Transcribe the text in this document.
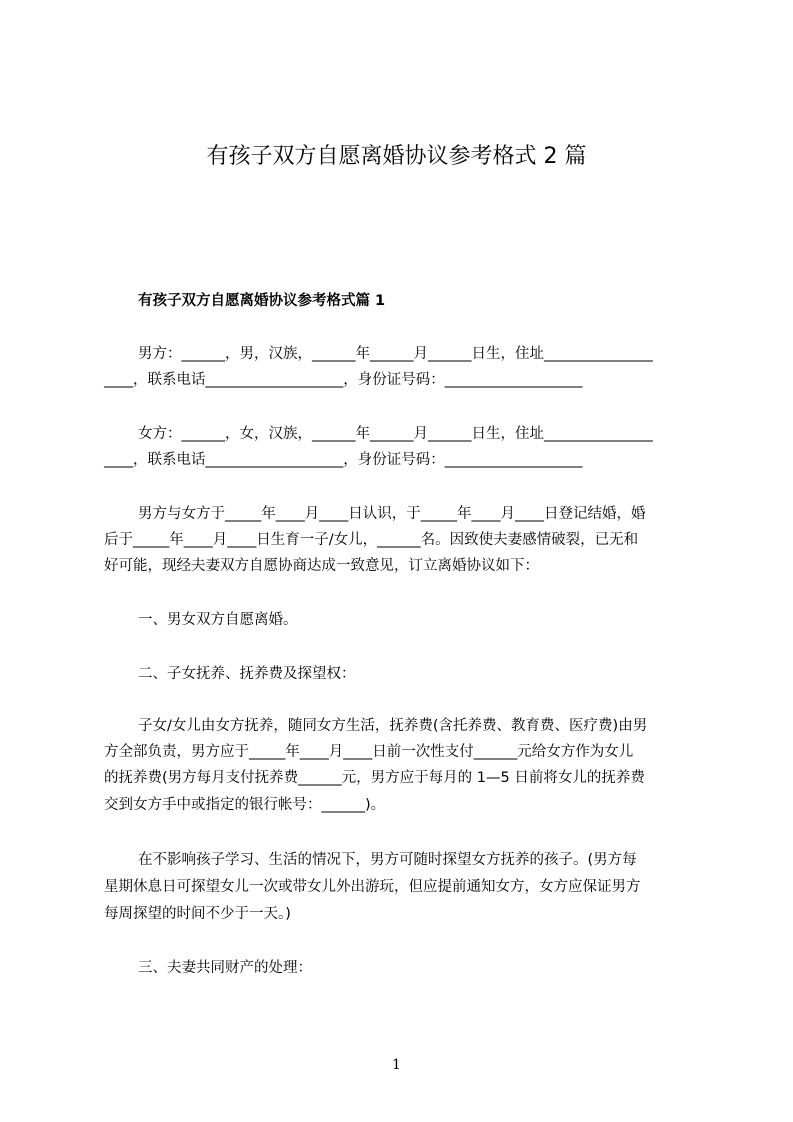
有孩子双方自愿离婚协议参考格式 2 篇
有孩子双方自愿离婚协议参考格式篇 1
男方：______，男，汉族，______年______月______日生，住址_______________
____，联系电话___________________，身份证号码：___________________
女方：______，女，汉族，______年______月______日生，住址_______________
____，联系电话___________________，身份证号码：___________________
男方与女方于_____年____月____日认识，于_____年____月____日登记结婚，婚
后于_____年____月____日生育一子/女儿，______名。因致使夫妻感情破裂，已无和
好可能，现经夫妻双方自愿协商达成一致意见，订立离婚协议如下：
一、男女双方自愿离婚。
二、子女抚养、抚养费及探望权：
子女/女儿由女方抚养，随同女方生活，抚养费(含托养费、教育费、医疗费)由男
方全部负责，男方应于_____年____月____日前一次性支付______元给女方作为女儿
的抚养费(男方每月支付抚养费______元，男方应于每月的 1—5 日前将女儿的抚养费
交到女方手中或指定的银行帐号：______)。
在不影响孩子学习、生活的情况下，男方可随时探望女方抚养的孩子。(男方每
星期休息日可探望女儿一次或带女儿外出游玩，但应提前通知女方，女方应保证男方
每周探望的时间不少于一天。)
三、夫妻共同财产的处理：
1
